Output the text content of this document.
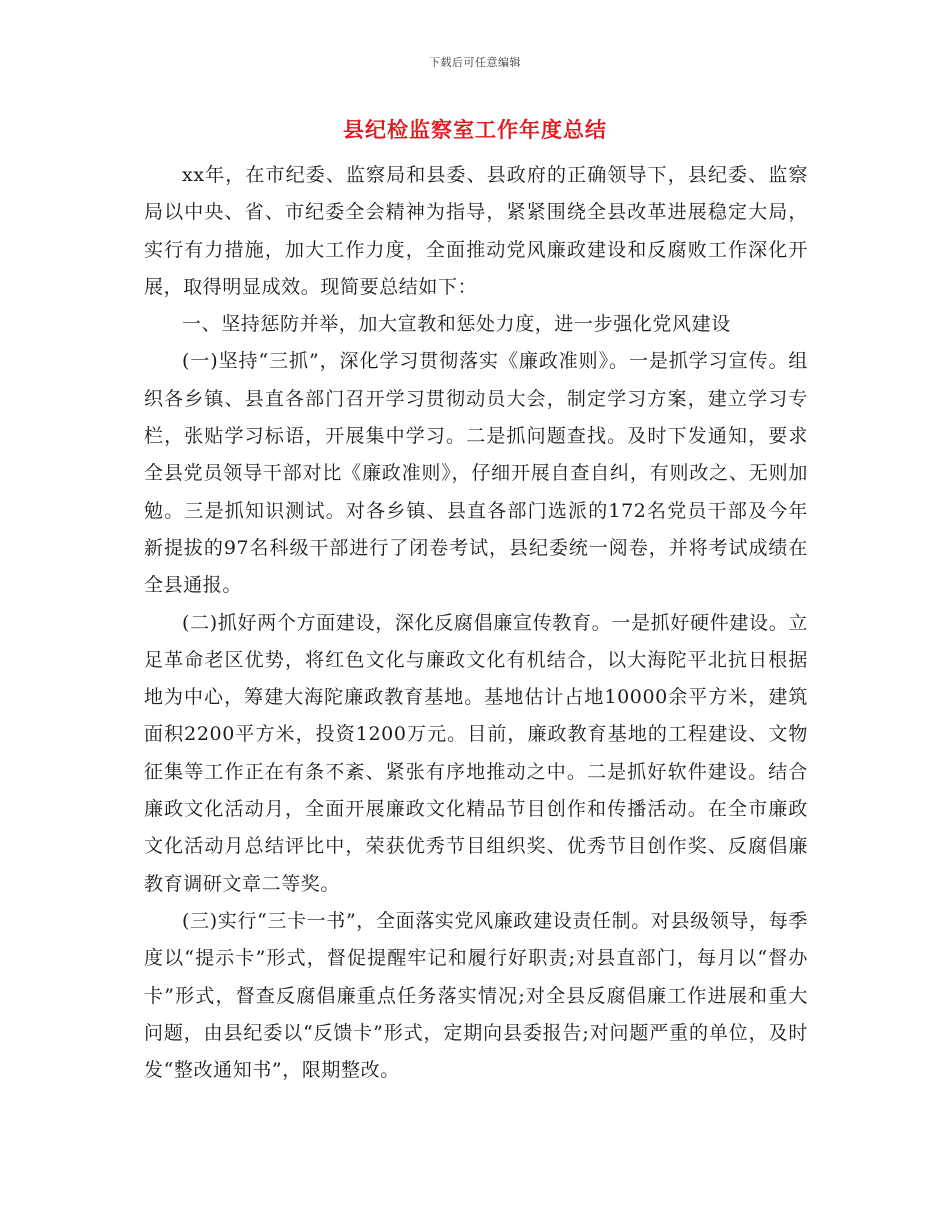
下载后可任意编辑
县纪检监察室工作年度总结

xx年，在市纪委、监察局和县委、县政府的正确领导下，县纪委、监察局以中央、省、市纪委全会精神为指导，紧紧围绕全县改革进展稳定大局，实行有力措施，加大工作力度，全面推动党风廉政建设和反腐败工作深化开展，取得明显成效。现简要总结如下：

一、坚持惩防并举，加大宣教和惩处力度，进一步强化党风建设

(一)坚持“三抓”，深化学习贯彻落实《廉政准则》。一是抓学习宣传。组织各乡镇、县直各部门召开学习贯彻动员大会，制定学习方案，建立学习专栏，张贴学习标语，开展集中学习。二是抓问题查找。及时下发通知，要求全县党员领导干部对比《廉政准则》，仔细开展自查自纠，有则改之、无则加勉。三是抓知识测试。对各乡镇、县直各部门选派的172名党员干部及今年新提拔的97名科级干部进行了闭卷考试，县纪委统一阅卷，并将考试成绩在全县通报。

(二)抓好两个方面建设，深化反腐倡廉宣传教育。一是抓好硬件建设。立足革命老区优势，将红色文化与廉政文化有机结合，以大海陀平北抗日根据地为中心，筹建大海陀廉政教育基地。基地估计占地10000余平方米，建筑面积2200平方米，投资1200万元。目前，廉政教育基地的工程建设、文物征集等工作正在有条不紊、紧张有序地推动之中。二是抓好软件建设。结合廉政文化活动月，全面开展廉政文化精品节目创作和传播活动。在全市廉政文化活动月总结评比中，荣获优秀节目组织奖、优秀节目创作奖、反腐倡廉教育调研文章二等奖。

(三)实行“三卡一书”，全面落实党风廉政建设责任制。对县级领导，每季度以“提示卡”形式，督促提醒牢记和履行好职责;对县直部门，每月以“督办卡”形式，督查反腐倡廉重点任务落实情况;对全县反腐倡廉工作进展和重大问题，由县纪委以“反馈卡”形式，定期向县委报告;对问题严重的单位，及时发“整改通知书”，限期整改。
